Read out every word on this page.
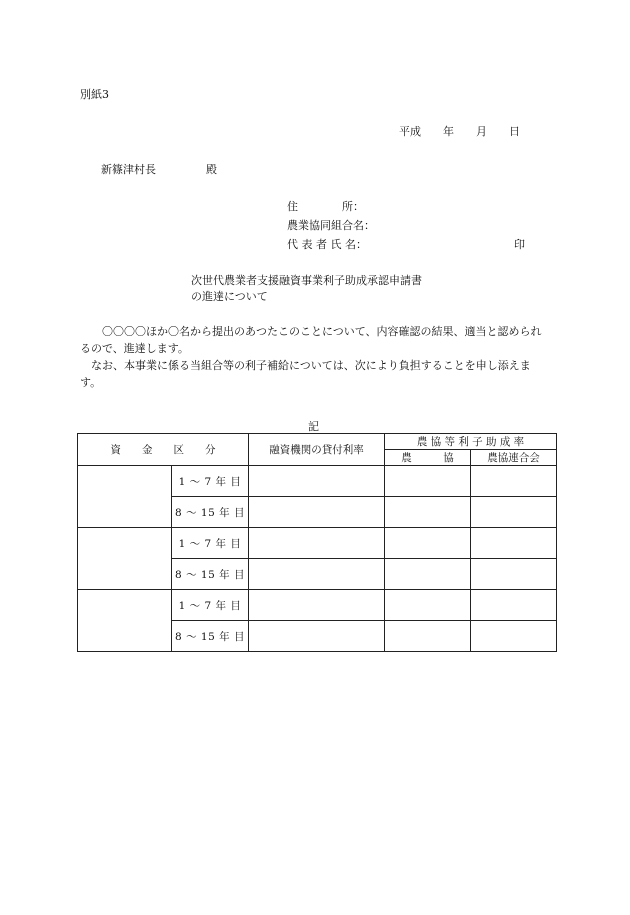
別紙3
平成　　年　　月　　日
新篠津村長	殿
住　　　　所：
農業協同組合名：
代 表 者 氏 名：	印
次世代農業者支援融資事業利子助成承認申請書
の進達について

〇〇〇〇ほか〇名から提出のあつたこのことについて、内容確認の結果、適当と認められるので、進達します。

なお、本事業に係る当組合等の利子補給については、次により負担することを申し添えます。

記
資　　金　　区　　分		融資機関の貸付利率	農 協 等 利 子 助 成 率	
			農　　　協	農協連合会
	1 〜 7 年 目			
	8 〜 15 年 目			
	1 〜 7 年 目			
	8 〜 15 年 目			
	1 〜 7 年 目			
	8 〜 15 年 目			
